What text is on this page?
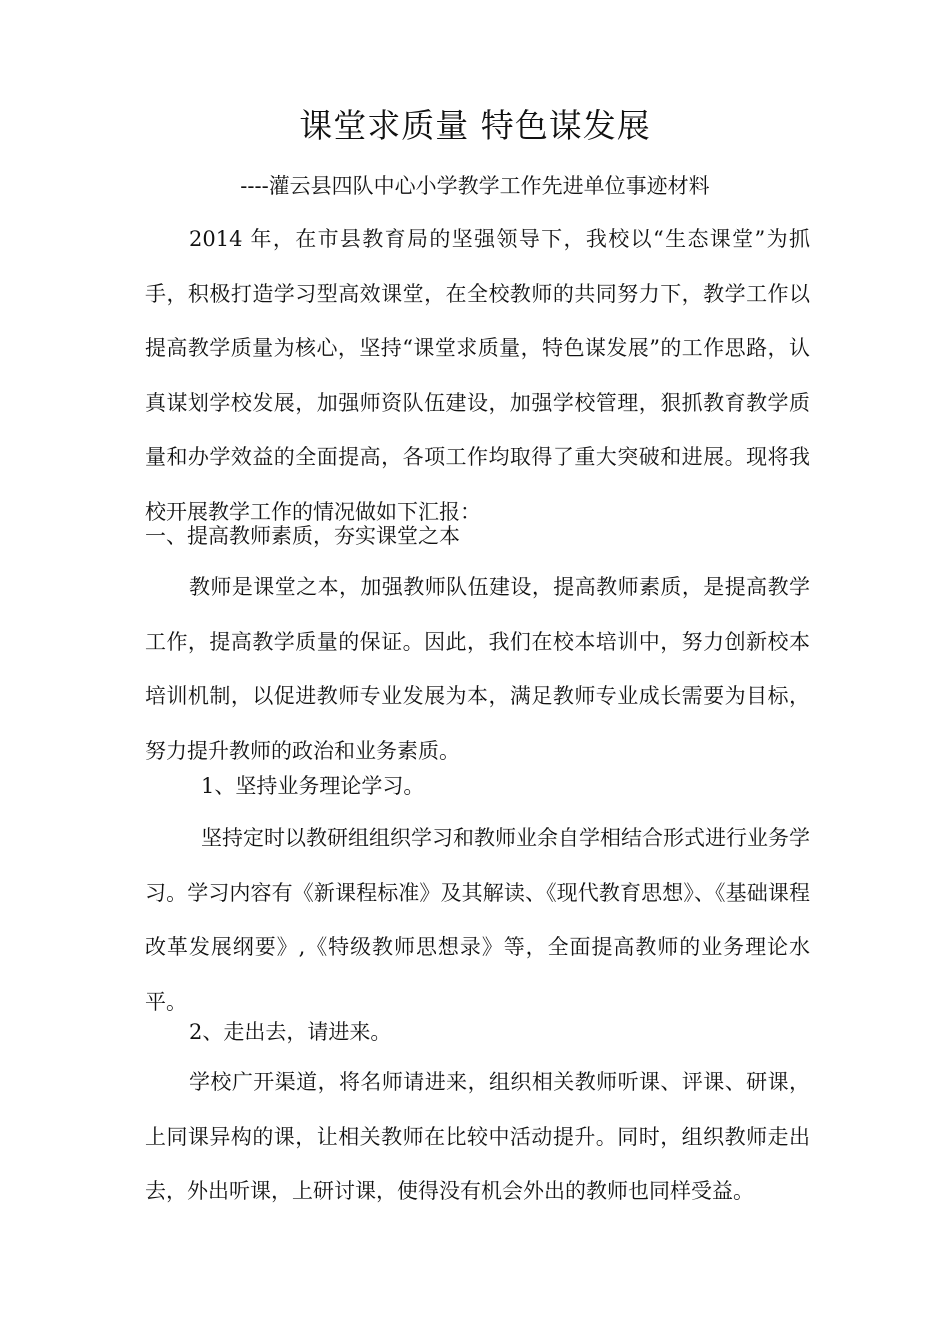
课堂求质量 特色谋发展
----灌云县四队中心小学教学工作先进单位事迹材料
2014 年，在市县教育局的坚强领导下，我校以“生态课堂”为抓手，积极打造学习型高效课堂，在全校教师的共同努力下，教学工作以提高教学质量为核心，坚持“课堂求质量，特色谋发展”的工作思路，认真谋划学校发展，加强师资队伍建设，加强学校管理，狠抓教育教学质量和办学效益的全面提高，各项工作均取得了重大突破和进展。现将我校开展教学工作的情况做如下汇报：
一、提高教师素质，夯实课堂之本
教师是课堂之本，加强教师队伍建设，提高教师素质，是提高教学工作，提高教学质量的保证。因此，我们在校本培训中，努力创新校本培训机制，以促进教师专业发展为本，满足教师专业成长需要为目标，努力提升教师的政治和业务素质。
1、坚持业务理论学习。
坚持定时以教研组组织学习和教师业余自学相结合形式进行业务学习。学习内容有《新课程标准》及其解读、《现代教育思想》、《基础课程改革发展纲要》,《特级教师思想录》等，全面提高教师的业务理论水平。
2、走出去，请进来。
学校广开渠道，将名师请进来，组织相关教师听课、评课、研课，上同课异构的课，让相关教师在比较中活动提升。同时，组织教师走出去，外出听课，上研讨课，使得没有机会外出的教师也同样受益。
